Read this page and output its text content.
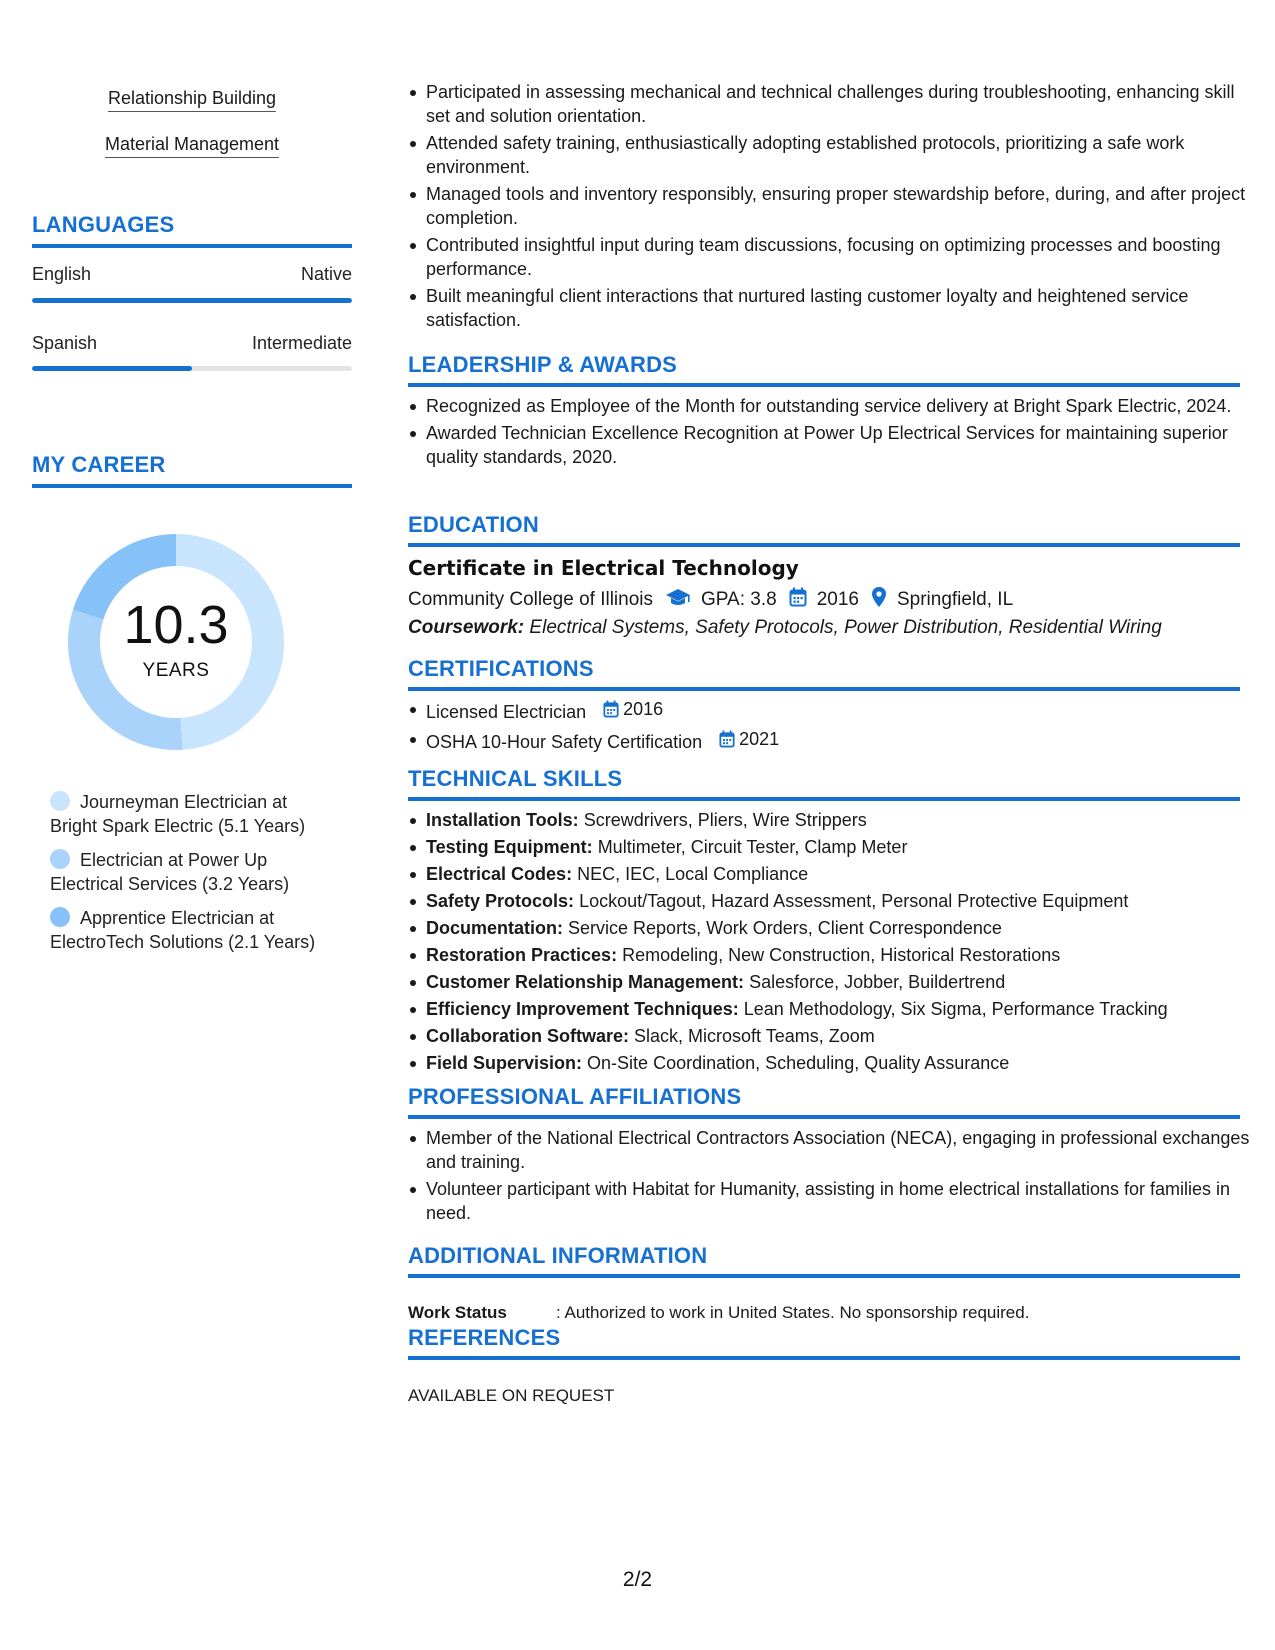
Relationship Building
Material Management
LANGUAGES
English	Native
Spanish	Intermediate
MY CAREER
10.3
YEARS
Journeyman Electrician at Bright Spark Electric (5.1 Years)
Electrician at Power Up Electrical Services (3.2 Years)
Apprentice Electrician at ElectroTech Solutions (2.1 Years)
Participated in assessing mechanical and technical challenges during troubleshooting, enhancing skill set and solution orientation.
Attended safety training, enthusiastically adopting established protocols, prioritizing a safe work environment.
Managed tools and inventory responsibly, ensuring proper stewardship before, during, and after project completion.
Contributed insightful input during team discussions, focusing on optimizing processes and boosting performance.
Built meaningful client interactions that nurtured lasting customer loyalty and heightened service satisfaction.
LEADERSHIP & AWARDS
Recognized as Employee of the Month for outstanding service delivery at Bright Spark Electric, 2024.
Awarded Technician Excellence Recognition at Power Up Electrical Services for maintaining superior quality standards, 2020.
EDUCATION
Certificate in Electrical Technology
Community College of Illinois	GPA: 3.8 2016 Springfield, IL
Coursework: Electrical Systems, Safety Protocols, Power Distribution, Residential Wiring
CERTIFICATIONS
Licensed Electrician 2016
OSHA 10-Hour Safety Certification 2021
TECHNICAL SKILLS
Installation Tools: Screwdrivers, Pliers, Wire Strippers
Testing Equipment: Multimeter, Circuit Tester, Clamp Meter
Electrical Codes: NEC, IEC, Local Compliance
Safety Protocols: Lockout/Tagout, Hazard Assessment, Personal Protective Equipment
Documentation: Service Reports, Work Orders, Client Correspondence
Restoration Practices: Remodeling, New Construction, Historical Restorations
Customer Relationship Management: Salesforce, Jobber, Buildertrend
Efficiency Improvement Techniques: Lean Methodology, Six Sigma, Performance Tracking
Collaboration Software: Slack, Microsoft Teams, Zoom
Field Supervision: On-Site Coordination, Scheduling, Quality Assurance
PROFESSIONAL AFFILIATIONS
Member of the National Electrical Contractors Association (NECA), engaging in professional exchanges and training.
Volunteer participant with Habitat for Humanity, assisting in home electrical installations for families in need.
ADDITIONAL INFORMATION
Work Status	: Authorized to work in United States. No sponsorship required.
REFERENCES
AVAILABLE ON REQUEST
2/2
